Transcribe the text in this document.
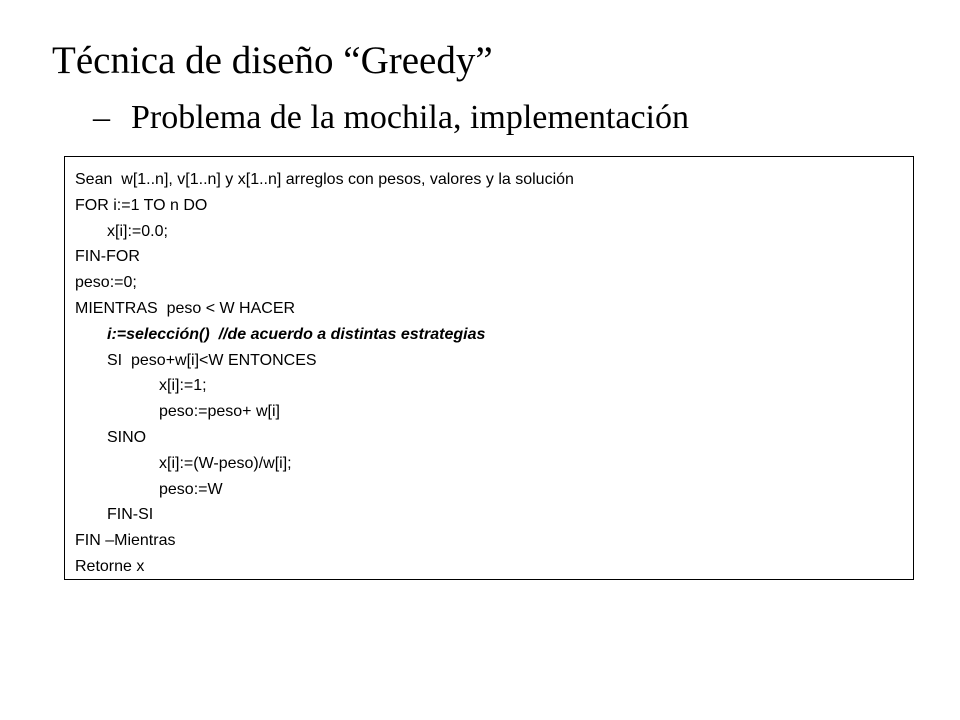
Técnica de diseño “Greedy”
– Problema de la mochila, implementación
Sean  w[1..n], v[1..n] y x[1..n] arreglos con pesos, valores y la solución
FOR i:=1 TO n DO
x[i]:=0.0;
FIN-FOR
peso:=0;
MIENTRAS  peso < W HACER
i:=selección()  //de acuerdo a distintas estrategias
SI  peso+w[i]<W ENTONCES
x[i]:=1;
peso:=peso+ w[i]
SINO
x[i]:=(W-peso)/w[i];
peso:=W
FIN-SI
FIN –Mientras
Retorne x
